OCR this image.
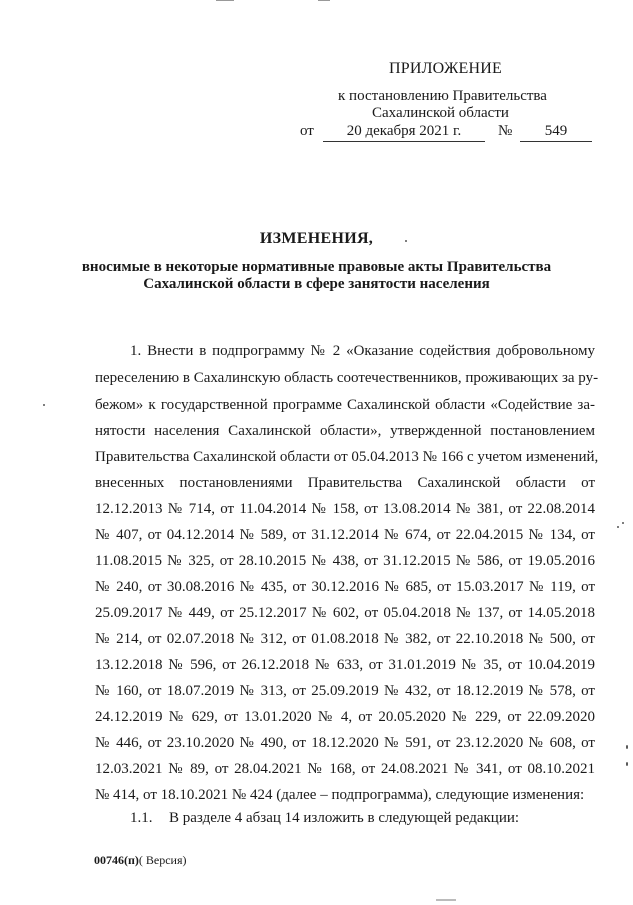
ПРИЛОЖЕНИЕ
к постановлению Правительства
Сахалинской области
от	20 декабря 2021 г.	№	549
ИЗМЕНЕНИЯ,
вносимые в некоторые нормативные правовые акты Правительства
Сахалинской области в сфере занятости населения
1. Внести в подпрограмму № 2 «Оказание содействия добровольному
переселению в Сахалинскую область соотечественников, проживающих за ру-
бежом» к государственной программе Сахалинской области «Содействие за-
нятости населения Сахалинской области», утвержденной постановлением
Правительства Сахалинской области от 05.04.2013 № 166 с учетом изменений,
внесенных постановлениями Правительства Сахалинской области от
12.12.2013 № 714, от 11.04.2014 № 158, от 13.08.2014 № 381, от 22.08.2014
№ 407, от 04.12.2014 № 589, от 31.12.2014 № 674, от 22.04.2015 № 134, от
11.08.2015 № 325, от 28.10.2015 № 438, от 31.12.2015 № 586, от 19.05.2016
№ 240, от 30.08.2016 № 435, от 30.12.2016 № 685, от 15.03.2017 № 119, от
25.09.2017 № 449, от 25.12.2017 № 602, от 05.04.2018 № 137, от 14.05.2018
№ 214, от 02.07.2018 № 312, от 01.08.2018 № 382, от 22.10.2018 № 500, от
13.12.2018 № 596, от 26.12.2018 № 633, от 31.01.2019 № 35, от 10.04.2019
№ 160, от 18.07.2019 № 313, от 25.09.2019 № 432, от 18.12.2019 № 578, от
24.12.2019 № 629, от 13.01.2020 № 4, от 20.05.2020 № 229, от 22.09.2020
№ 446, от 23.10.2020 № 490, от 18.12.2020 № 591, от 23.12.2020 № 608, от
12.03.2021 № 89, от 28.04.2021 № 168, от 24.08.2021 № 341, от 08.10.2021
№ 414, от 18.10.2021 № 424 (далее – подпрограмма), следующие изменения:
1.1. В разделе 4 абзац 14 изложить в следующей редакции:
00746(п)( Версия)
